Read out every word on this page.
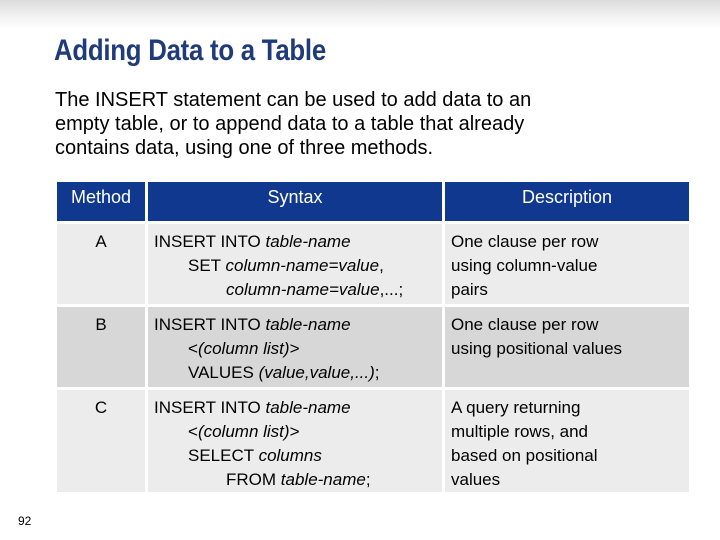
Adding Data to a Table
The INSERT statement can be used to add data to an
empty table, or to append data to a table that already
contains data, using one of three methods.
Method	Syntax	Description
A	INSERT INTO table-name
SET column-name=value,
column-name=value,...;	One clause per row
using column-value
pairs

B	INSERT INTO table-name
<(column list)>
VALUES (value,value,...);	One clause per row
using positional values

C	INSERT INTO table-name
<(column list)>
SELECT columns
FROM table-name;	A query returning
multiple rows, and
based on positional
values
92
